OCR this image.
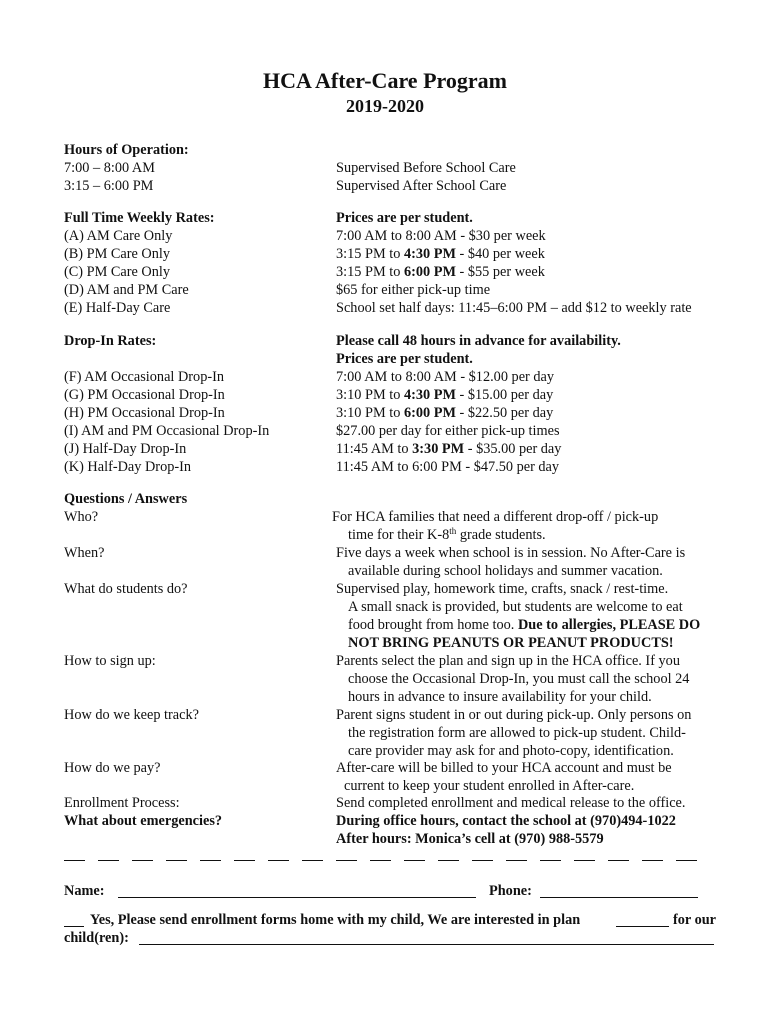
HCA After-Care Program
2019-2020
Hours of Operation:
7:00 – 8:00 AM	Supervised Before School Care
3:15 – 6:00 PM	Supervised After School Care
Full Time Weekly Rates:	Prices are per student.
(A) AM Care Only	7:00 AM to 8:00 AM - $30 per week
(B) PM Care Only	3:15 PM to 4:30 PM - $40 per week
(C) PM Care Only	3:15 PM to 6:00 PM - $55 per week
(D) AM and PM Care	$65 for either pick-up time
(E) Half-Day Care	School set half days: 11:45–6:00 PM – add $12 to weekly rate
Drop-In Rates:	Please call 48 hours in advance for availability.
Prices are per student.
(F) AM Occasional Drop-In	7:00 AM to 8:00 AM - $12.00 per day
(G) PM Occasional Drop-In	3:10 PM to 4:30 PM - $15.00 per day
(H) PM Occasional Drop-In	3:10 PM to 6:00 PM - $22.50 per day
(I) AM and PM Occasional Drop-In	$27.00 per day for either pick-up times
(J) Half-Day Drop-In	11:45 AM to 3:30 PM - $35.00 per day
(K) Half-Day Drop-In	11:45 AM to 6:00 PM - $47.50 per day
Questions / Answers
Who?	For HCA families that need a different drop-off / pick-up
time for their K-8th grade students.
When?	Five days a week when school is in session. No After-Care is
available during school holidays and summer vacation.
What do students do?	Supervised play, homework time, crafts, snack / rest-time.
A small snack is provided, but students are welcome to eat
food brought from home too. Due to allergies, PLEASE DO
NOT BRING PEANUTS OR PEANUT PRODUCTS!
How to sign up:	Parents select the plan and sign up in the HCA office. If you
choose the Occasional Drop-In, you must call the school 24
hours in advance to insure availability for your child.
How do we keep track?	Parent signs student in or out during pick-up. Only persons on
the registration form are allowed to pick-up student. Child-
care provider may ask for and photo-copy, identification.
How do we pay?	After-care will be billed to your HCA account and must be
current to keep your student enrolled in After-care.
Enrollment Process:	Send completed enrollment and medical release to the office.
What about emergencies?	During office hours, contact the school at (970)494-1022
After hours: Monica’s cell at (970) 988-5579
Name:	Phone:
Yes, Please send enrollment forms home with my child, We are interested in plan	for our
child(ren):
